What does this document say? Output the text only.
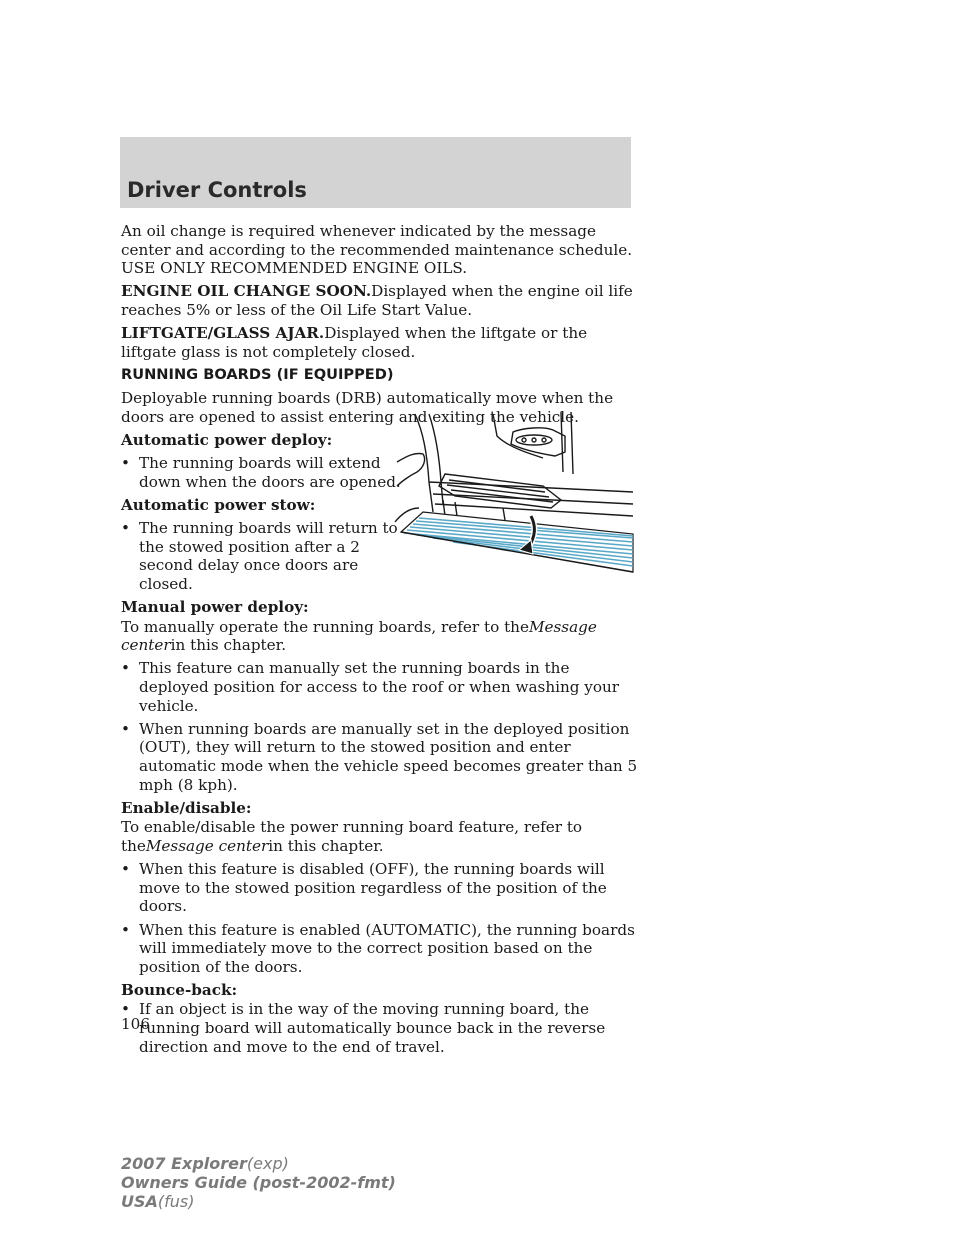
Driver Controls

An oil change is required whenever indicated by the message center and according to the recommended maintenance schedule. USE ONLY RECOMMENDED ENGINE OILS.

ENGINE OIL CHANGE SOON.Displayed when the engine oil life reaches 5% or less of the Oil Life Start Value.

LIFTGATE/GLASS AJAR.Displayed when the liftgate or the liftgate glass is not completely closed.

RUNNING BOARDS (IF EQUIPPED)

Deployable running boards (DRB) automatically move when the doors are opened to assist entering and exiting the vehicle.

Automatic power deploy:

• The running boards will extend down when the doors are opened.

Automatic power stow:

• The running boards will return to the stowed position after a 2 second delay once doors are closed.

Manual power deploy:

To manually operate the running boards, refer to theMessage centerin this chapter.

• This feature can manually set the running boards in the deployed position for access to the roof or when washing your vehicle.
• When running boards are manually set in the deployed position (OUT), they will return to the stowed position and enter automatic mode when the vehicle speed becomes greater than 5 mph (8 kph).

Enable/disable:

To enable/disable the power running board feature, refer to theMessage centerin this chapter.

• When this feature is disabled (OFF), the running boards will move to the stowed position regardless of the position of the doors.
• When this feature is enabled (AUTOMATIC), the running boards will immediately move to the correct position based on the position of the doors.

Bounce-back:

• If an object is in the way of the moving running board, the running board will automatically bounce back in the reverse direction and move to the end of travel.
106
2007 Explorer(exp)
Owners Guide (post-2002-fmt)
USA(fus)
